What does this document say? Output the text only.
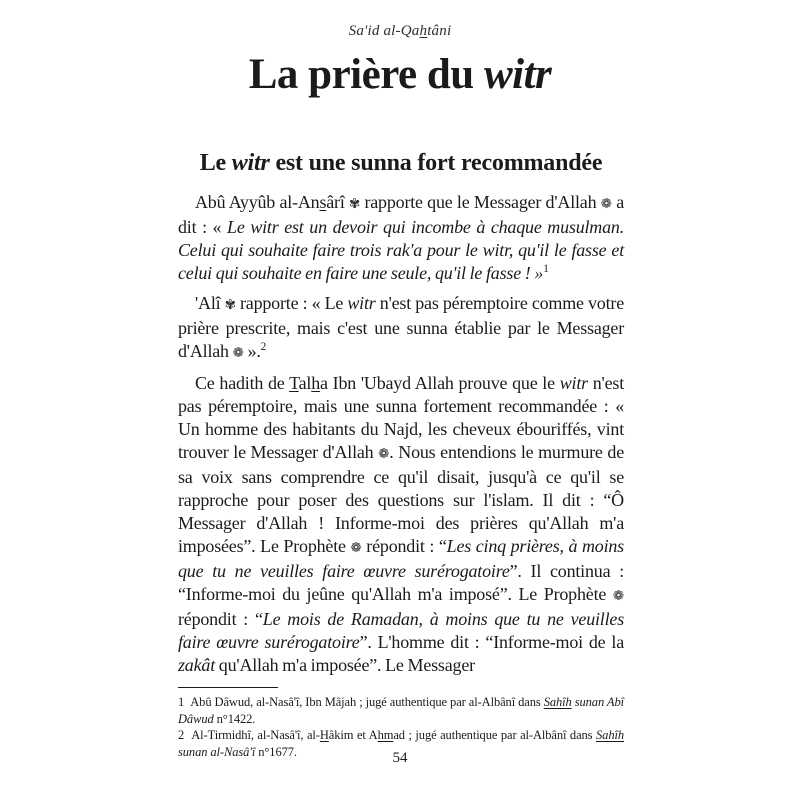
Sa'id al-Qahtâni
La prière du witr
Le witr est une sunna fort recommandée

Abû Ayyûb al-Ansârî ✾ rapporte que le Messager d'Allah ❁ a dit : « Le witr est un devoir qui incombe à chaque musulman. Celui qui souhaite faire trois rak'a pour le witr, qu'il le fasse et celui qui souhaite en faire une seule, qu'il le fasse ! »$^1$

'Alî ✾ rapporte : « Le witr n'est pas péremptoire comme votre prière prescrite, mais c'est une sunna établie par le Messager d'Allah ❁ ».$^2$

Ce hadith de Talha Ibn 'Ubayd Allah prouve que le witr n'est pas péremptoire, mais une sunna fortement recommandée : « Un homme des habitants du Najd, les cheveux ébouriffés, vint trouver le Messager d'Allah ❁. Nous entendions le murmure de sa voix sans comprendre ce qu'il disait, jusqu'à ce qu'il se rapproche pour poser des questions sur l'islam. Il dit : “Ô Messager d'Allah ! Informe-moi des prières qu'Allah m'a imposées”. Le Prophète ❁ répondit : “Les cinq prières, à moins que tu ne veuilles faire œuvre surérogatoire”. Il continua : “Informe-moi du jeûne qu'Allah m'a imposé”. Le Prophète ❁ répondit : “Le mois de Ramadan, à moins que tu ne veuilles faire œuvre surérogatoire”. L'homme dit : “Informe-moi de la zakât qu'Allah m'a imposée”. Le Messager

1  Abû Dâwud, al-Nasâ'î, Ibn Mâjah ; jugé authentique par al-Albânî dans Sahîh sunan Abî Dâwud n°1422.

2  Al-Tirmidhî, al-Nasâ'î, al-Hâkim et Ahmad ; jugé authentique par al-Albânî dans Sahîh sunan al-Nasâ'î n°1677.	54
